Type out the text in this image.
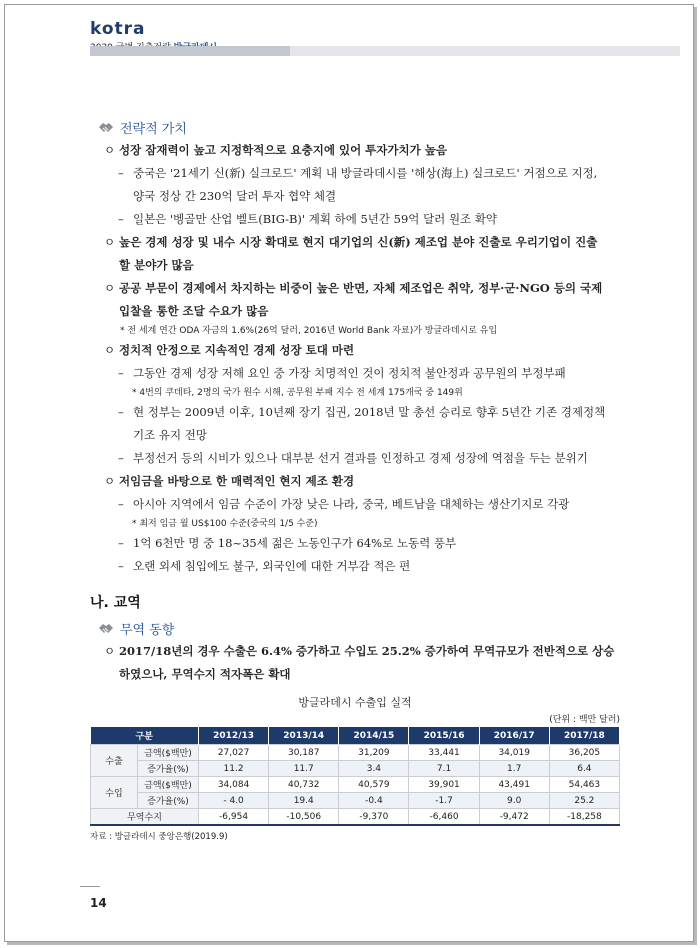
kotra
전략적 가치
ㅇ 성장 잠재력이 높고 지정학적으로 요충지에 있어 투자가치가 높음
– 중국은 '21세기 신(新) 실크로드' 계획 내 방글라데시를 '해상(海上) 실크로드' 거점으로 지정,
양국 정상 간 230억 달러 투자 협약 체결
– 일본은 '벵골만 산업 벨트(BIG-B)' 계획 하에 5년간 59억 달러 원조 확약
ㅇ 높은 경제 성장 및 내수 시장 확대로 현지 대기업의 신(新) 제조업 분야 진출로 우리기업이 진출
할 분야가 많음
ㅇ 공공 부문이 경제에서 차지하는 비중이 높은 반면, 자체 제조업은 취약, 정부·군·NGO 등의 국제
입찰을 통한 조달 수요가 많음
* 전 세계 연간 ODA 자금의 1.6%(26억 달러, 2016년 World Bank 자료)가 방글라데시로 유입
ㅇ 정치적 안정으로 지속적인 경제 성장 토대 마련
– 그동안 경제 성장 저해 요인 중 가장 치명적인 것이 정치적 불안정과 공무원의 부정부패
* 4번의 쿠데타, 2명의 국가 원수 시해, 공무원 부패 지수 전 세계 175개국 중 149위
– 현 정부는 2009년 이후, 10년째 장기 집권, 2018년 말 총선 승리로 향후 5년간 기존 경제정책
기조 유지 전망
– 부정선거 등의 시비가 있으나 대부분 선거 결과를 인정하고 경제 성장에 역점을 두는 분위기
ㅇ 저임금을 바탕으로 한 매력적인 현지 제조 환경
– 아시아 지역에서 임금 수준이 가장 낮은 나라, 중국, 베트남을 대체하는 생산기지로 각광
* 최저 임금 월 US$100 수준(중국의 1/5 수준)
– 1억 6천만 명 중 18~35세 젊은 노동인구가 64%로 노동력 풍부
– 오랜 외세 침입에도 불구, 외국인에 대한 거부감 적은 편
나. 교역
무역 동향
ㅇ 2017/18년의 경우 수출은 6.4% 증가하고 수입도 25.2% 증가하여 무역규모가 전반적으로 상승
하였으나, 무역수지 적자폭은 확대
방글라데시 수출입 실적
(단위 : 백만 달러)
구분		2012/13	2013/14	2014/15	2015/16	2016/17	2017/18
수출	금액($백만)	27,027	30,187	31,209	33,441	34,019	36,205
	증가율(%)	11.2	11.7	3.4	7.1	1.7	6.4
수입	금액($백만)	34,084	40,732	40,579	39,901	43,491	54,463
	증가율(%)	- 4.0	19.4	-0.4	-1.7	9.0	25.2
무역수지		-6,954	-10,506	-9,370	-6,460	-9,472	-18,258
자료 : 방글라데시 중앙은행(2019.9)
14
